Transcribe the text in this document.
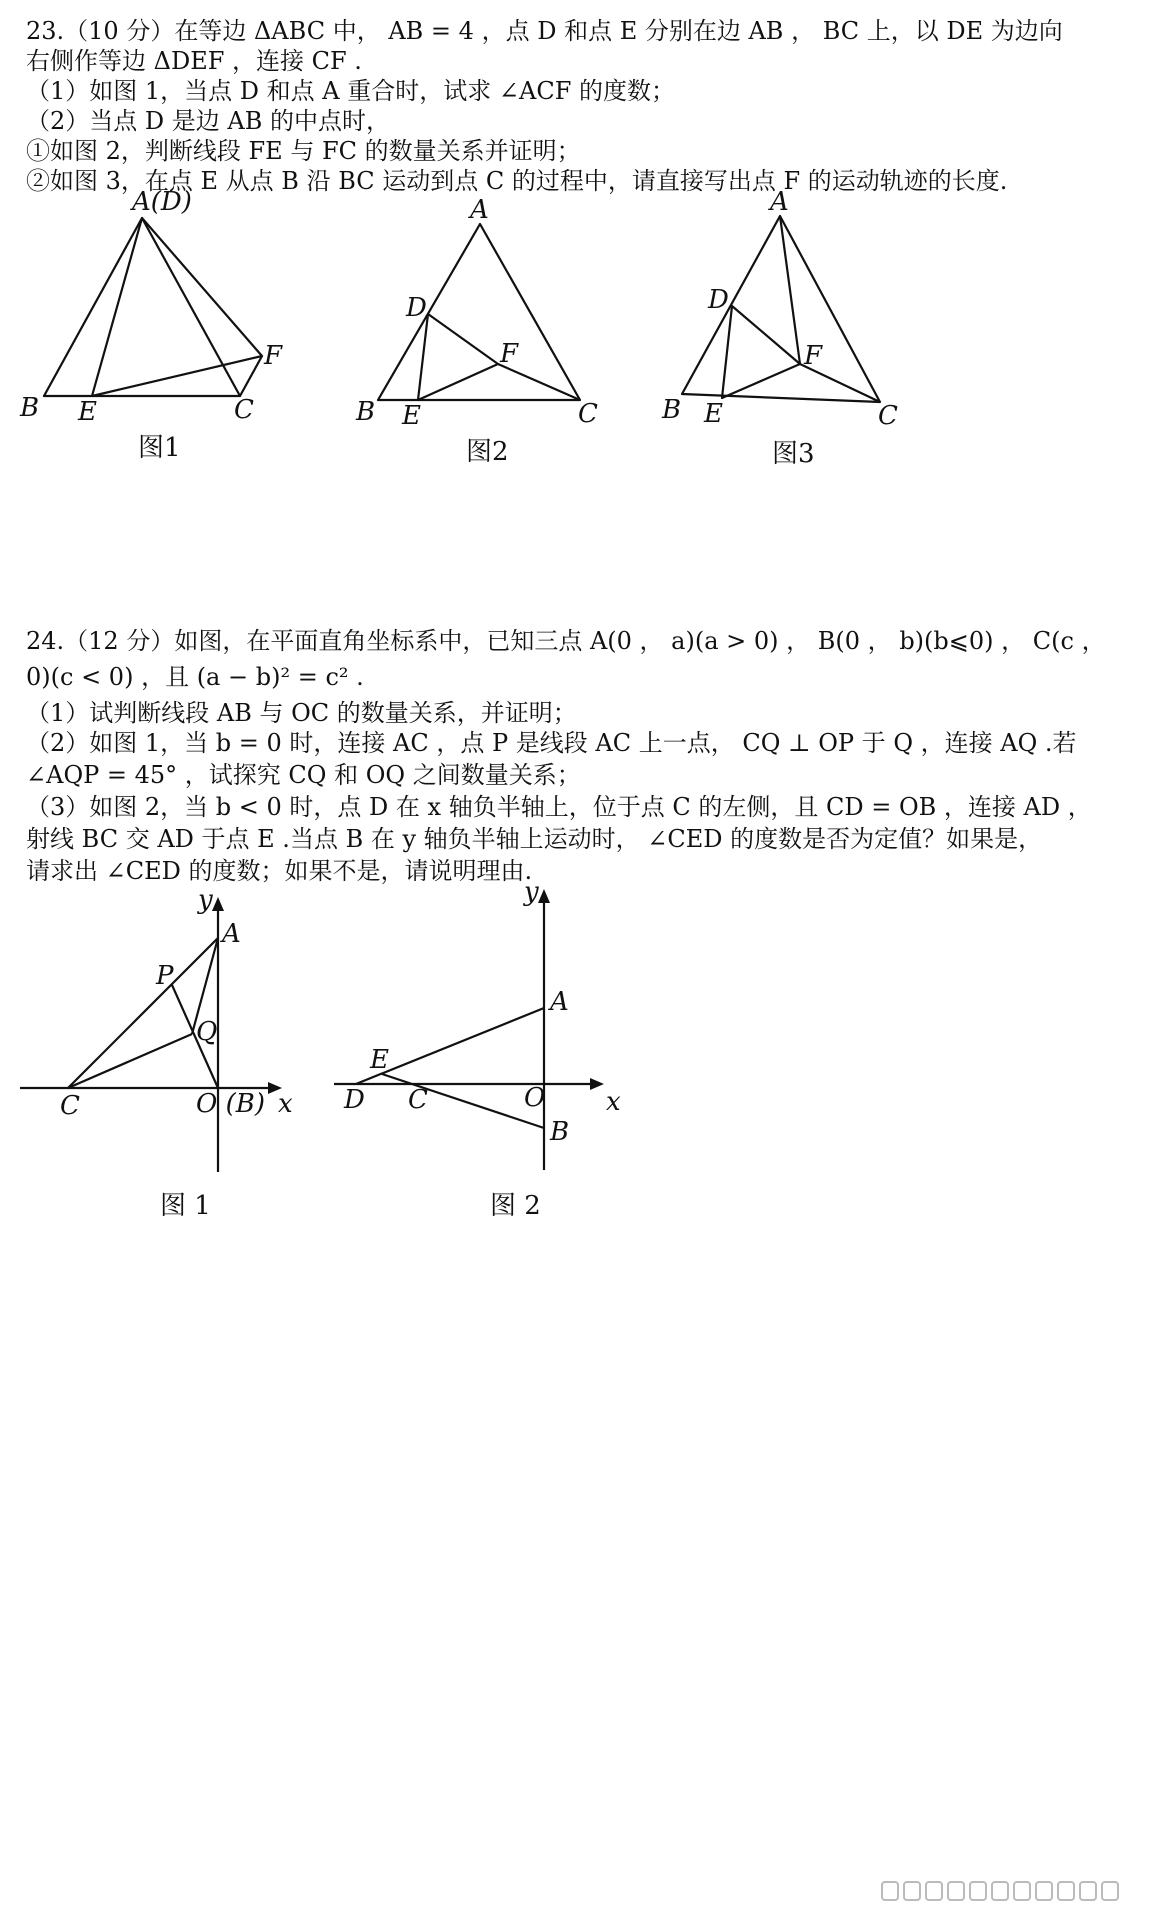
23.（10 分）在等边 ΔABC 中， AB = 4 ，点 D 和点 E 分别在边 AB ， BC 上，以 DE 为边向
右侧作等边 ΔDEF ，连接 CF .
（1）如图 1，当点 D 和点 A 重合时，试求 ∠ACF 的度数；
（2）当点 D 是边 AB 的中点时，
①如图 2，判断线段 FE 与 FC 的数量关系并证明；
②如图 3，在点 E 从点 B 沿 BC 运动到点 C 的过程中，请直接写出点 F 的运动轨迹的长度.
A(D)
B E	C
F
图1
A
D
F
B E	C
图2
A
D
F
B E	C
图3
24.（12 分）如图，在平面直角坐标系中，已知三点 A(0 ， a)(a > 0) ， B(0 ， b)(b⩽0) ， C(c ，
0)(c < 0) ，且 (a − b)² = c² .
（1）试判断线段 AB 与 OC 的数量关系，并证明；
（2）如图 1，当 b = 0 时，连接 AC ，点 P 是线段 AC 上一点， CQ ⊥ OP 于 Q ，连接 AQ .若
∠AQP = 45° ，试探究 CQ 和 OQ 之间数量关系；
（3）如图 2，当 b < 0 时，点 D 在 x 轴负半轴上，位于点 C 的左侧，且 CD = OB ，连接 AD ，
射线 BC 交 AD 于点 E .当点 B 在 y 轴负半轴上运动时， ∠CED 的度数是否为定值？如果是，
请求出 ∠CED 的度数；如果不是，请说明理由.
y
A
P
Q
C	O (B) x
图 1
y
A
E
D C	O
B
x
图 2
